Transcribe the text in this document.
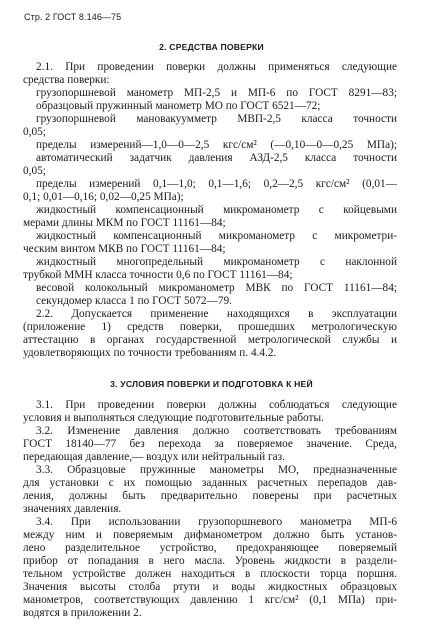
Стр. 2 ГОСТ 8.146—75
2. СРЕДСТВА ПОВЕРКИ
2.1. При проведении поверки должны применяться следующие
средства поверки:
грузопоршневой манометр МП-2,5 и МП-6 по ГОСТ 8291—83;
образцовый пружинный манометр МО по ГОСТ 6521—72;
грузопоршневой мановакуумметр МВП-2,5 класса точности
0,05;
пределы измерений—1,0—0—2,5 кгс/см² (—0,10—0—0,25 МПа);
автоматический задатчик давления АЗД-2,5 класса точности
0,05;
пределы измерений 0,1—1,0; 0,1—1,6; 0,2—2,5 кгс/см² (0,01—
0,1; 0,01—0,16; 0,02—0,25 МПа);
жидкостный компенсационный микроманометр с койцевыми
мерами длины МКМ по ГОСТ 11161—84;
жидкостный компенсационный микроманометр с микрометри-
ческим винтом МКВ по ГОСТ 11161—84;
жидкостный многопредельный микроманометр с наклонной
трубкой ММН класса точности 0,6 по ГОСТ 11161—84;
весовой колокольный микроманометр МВК по ГОСТ 11161—84;
секундомер класса 1 по ГОСТ 5072—79.
2.2. Допускается применение находящихся в эксплуатации
(приложение 1) средств поверки, прошедших метрологическую
аттестацию в органах государственной метрологической службы и
удовлетворяющих по точности требованиям п. 4.4.2.
3. УСЛОВИЯ ПОВЕРКИ И ПОДГОТОВКА К НЕЙ
3.1. При проведении поверки должны соблюдаться следующие
условия и выполняться следующие подготовительные работы.
3.2. Изменение давления должно соответствовать требованиям
ГОСТ 18140—77 без перехода за поверяемое значение. Среда,
передающая давление,— воздух или нейтральный газ.
3.3. Образцовые пружинные манометры МО, предназначенные
для установки с их помощью заданных расчетных перепадов дав-
ления, должны быть предварительно поверены при расчетных
значениях давления.
3.4. При использовании грузопоршневого манометра МП-6
между ним и поверяемым дифманометром должно быть установ-
лено разделительное устройство, предохраняющее поверяемый
прибор от попадания в него масла. Уровень жидкости в раздели-
тельном устройстве должен находиться в плоскости торца поршня.
Значения высоты столба ртути и воды жидкостных образцовых
манометров, соответствующих давлению 1 кгс/см² (0,1 МПа) при-
водятся в приложении 2.
